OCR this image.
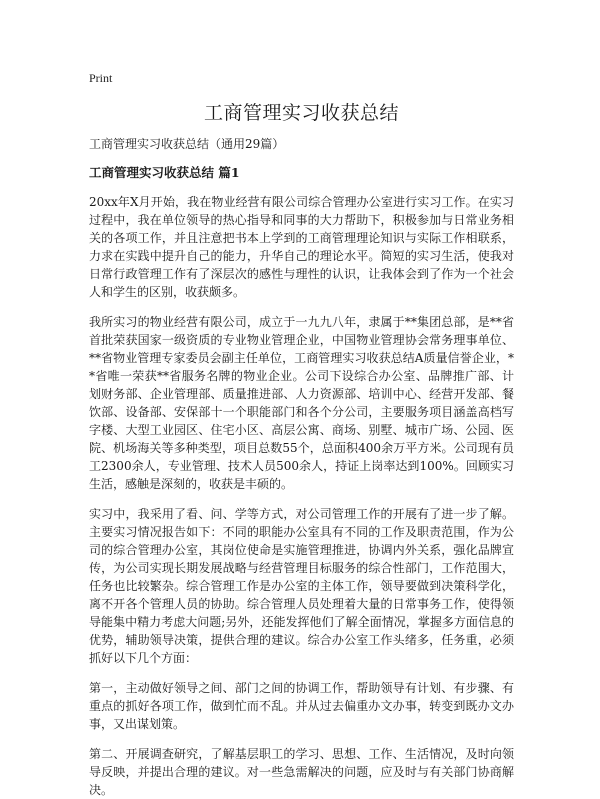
Print
工商管理实习收获总结
工商管理实习收获总结（通用29篇）
工商管理实习收获总结 篇1

20xx年X月开始，我在物业经营有限公司综合管理办公室进行实习工作。在实习过程中，我在单位领导的热心指导和同事的大力帮助下，积极参加与日常业务相关的各项工作，并且注意把书本上学到的工商管理理论知识与实际工作相联系，力求在实践中提升自己的能力，升华自己的理论水平。简短的实习生活，使我对日常行政管理工作有了深层次的感性与理性的认识，让我体会到了作为一个社会人和学生的区别，收获颇多。

我所实习的物业经营有限公司，成立于一九九八年，隶属于**集团总部，是**省首批荣获国家一级资质的专业物业管理企业，中国物业管理协会常务理事单位、**省物业管理专家委员会副主任单位，工商管理实习收获总结A质量信誉企业，**省唯一荣获**省服务名牌的物业企业。公司下设综合办公室、品牌推广部、计划财务部、企业管理部、质量推进部、人力资源部、培训中心、经营开发部、餐饮部、设备部、安保部十一个职能部门和各个分公司，主要服务项目涵盖高档写字楼、大型工业园区、住宅小区、高层公寓、商场、别墅、城市广场、公园、医院、机场海关等多种类型，项目总数55个，总面积400余万平方米。公司现有员工2300余人，专业管理、技术人员500余人，持证上岗率达到100%。回顾实习生活，感触是深刻的，收获是丰硕的。

实习中，我采用了看、问、学等方式，对公司管理工作的开展有了进一步了解。主要实习情况报告如下：不同的职能办公室具有不同的工作及职责范围，作为公司的综合管理办公室，其岗位使命是实施管理推进，协调内外关系，强化品牌宣传，为公司实现长期发展战略与经营管理目标服务的综合性部门，工作范围大，任务也比较繁杂。综合管理工作是办公室的主体工作，领导要做到决策科学化，离不开各个管理人员的协助。综合管理人员处理着大量的日常事务工作，使得领导能集中精力考虑大问题;另外，还能发挥他们了解全面情况，掌握多方面信息的优势，辅助领导决策，提供合理的建议。综合办公室工作头绪多，任务重，必须抓好以下几个方面：

第一，主动做好领导之间、部门之间的协调工作，帮助领导有计划、有步骤、有重点的抓好各项工作，做到忙而不乱。并从过去偏重办文办事，转变到既办文办事，又出谋划策。

第二、开展调查研究，了解基层职工的学习、思想、工作、生活情况，及时向领导反映，并提出合理的建议。对一些急需解决的问题，应及时与有关部门协商解决。
